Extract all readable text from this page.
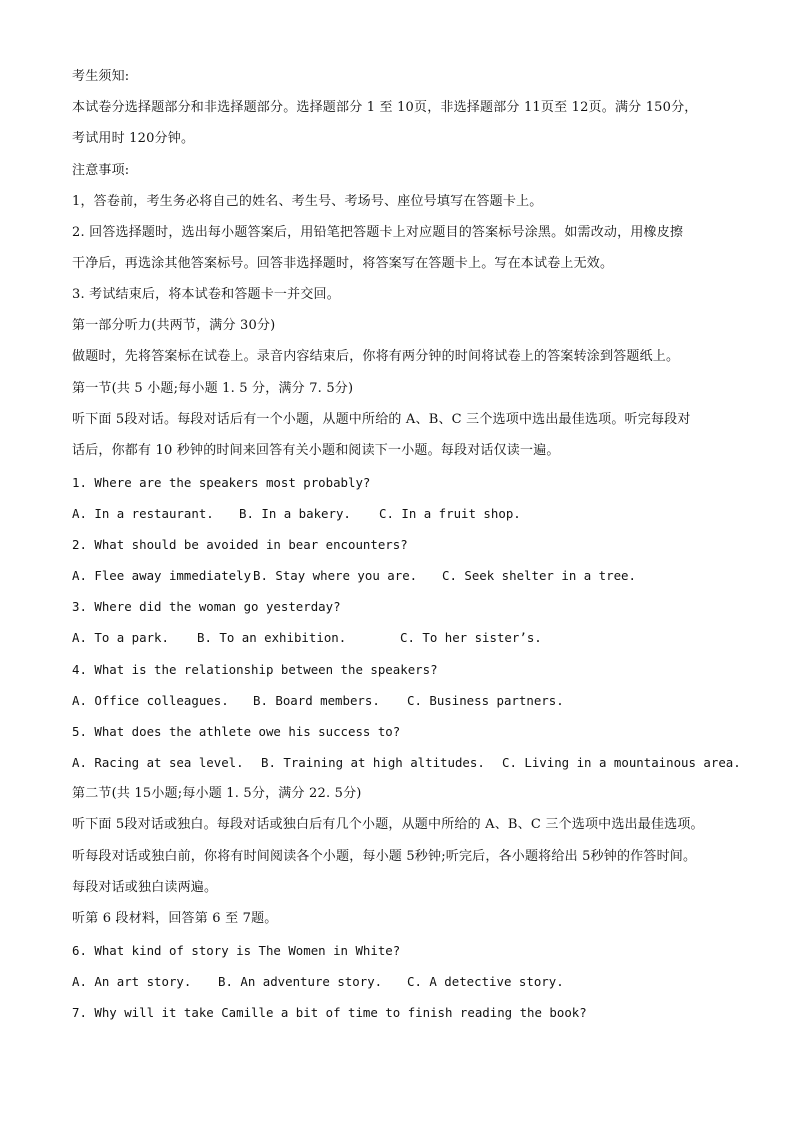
考生须知:
本试卷分选择题部分和非选择题部分。选择题部分 1 至 10页，非选择题部分 11页至 12页。满分 150分，
考试用时 120分钟。
注意事项:
1，答卷前，考生务必将自己的姓名、考生号、考场号、座位号填写在答题卡上。
2. 回答选择题时，选出每小题答案后，用铅笔把答题卡上对应题目的答案标号涂黑。如需改动，用橡皮擦
干净后，再选涂其他答案标号。回答非选择题时，将答案写在答题卡上。写在本试卷上无效。
3. 考试结束后，将本试卷和答题卡一并交回。
第一部分听力(共两节，满分 30分)
做题时，先将答案标在试卷上。录音内容结束后，你将有两分钟的时间将试卷上的答案转涂到答题纸上。
第一节(共 5 小题;每小题 1. 5 分，满分 7. 5分)
听下面 5段对话。每段对话后有一个小题，从题中所给的 A、B、C 三个选项中选出最佳选项。听完每段对
话后，你都有 10 秒钟的时间来回答有关小题和阅读下一小题。每段对话仅读一遍。
1. Where are the speakers most probably?
A. In a restaurant. B. In a bakery. C. In a fruit shop.
2. What should be avoided in bear encounters?
A. Flee away immediately.
B. Stay where you are. C. Seek shelter in a tree.
3. Where did the woman go yesterday?
A. To a park. B. To an exhibition.	C. To her sister’s.
4. What is the relationship between the speakers?
A. Office colleagues. B. Board members. C. Business partners.
5. What does the athlete owe his success to?
A. Racing at sea level. B. Training at high altitudes. C. Living in a mountainous area.
第二节(共 15小题;每小题 1. 5分，满分 22. 5分)
听下面 5段对话或独白。每段对话或独白后有几个小题，从题中所给的 A、B、C 三个选项中选出最佳选项。
听每段对话或独白前，你将有时间阅读各个小题，每小题 5秒钟;听完后，各小题将给出 5秒钟的作答时间。
每段对话或独白读两遍。
听第 6 段材料，回答第 6 至 7题。
6. What kind of story is The Women in White?
A. An art story. B. An adventure story. C. A detective story.
7. Why will it take Camille a bit of time to finish reading the book?
